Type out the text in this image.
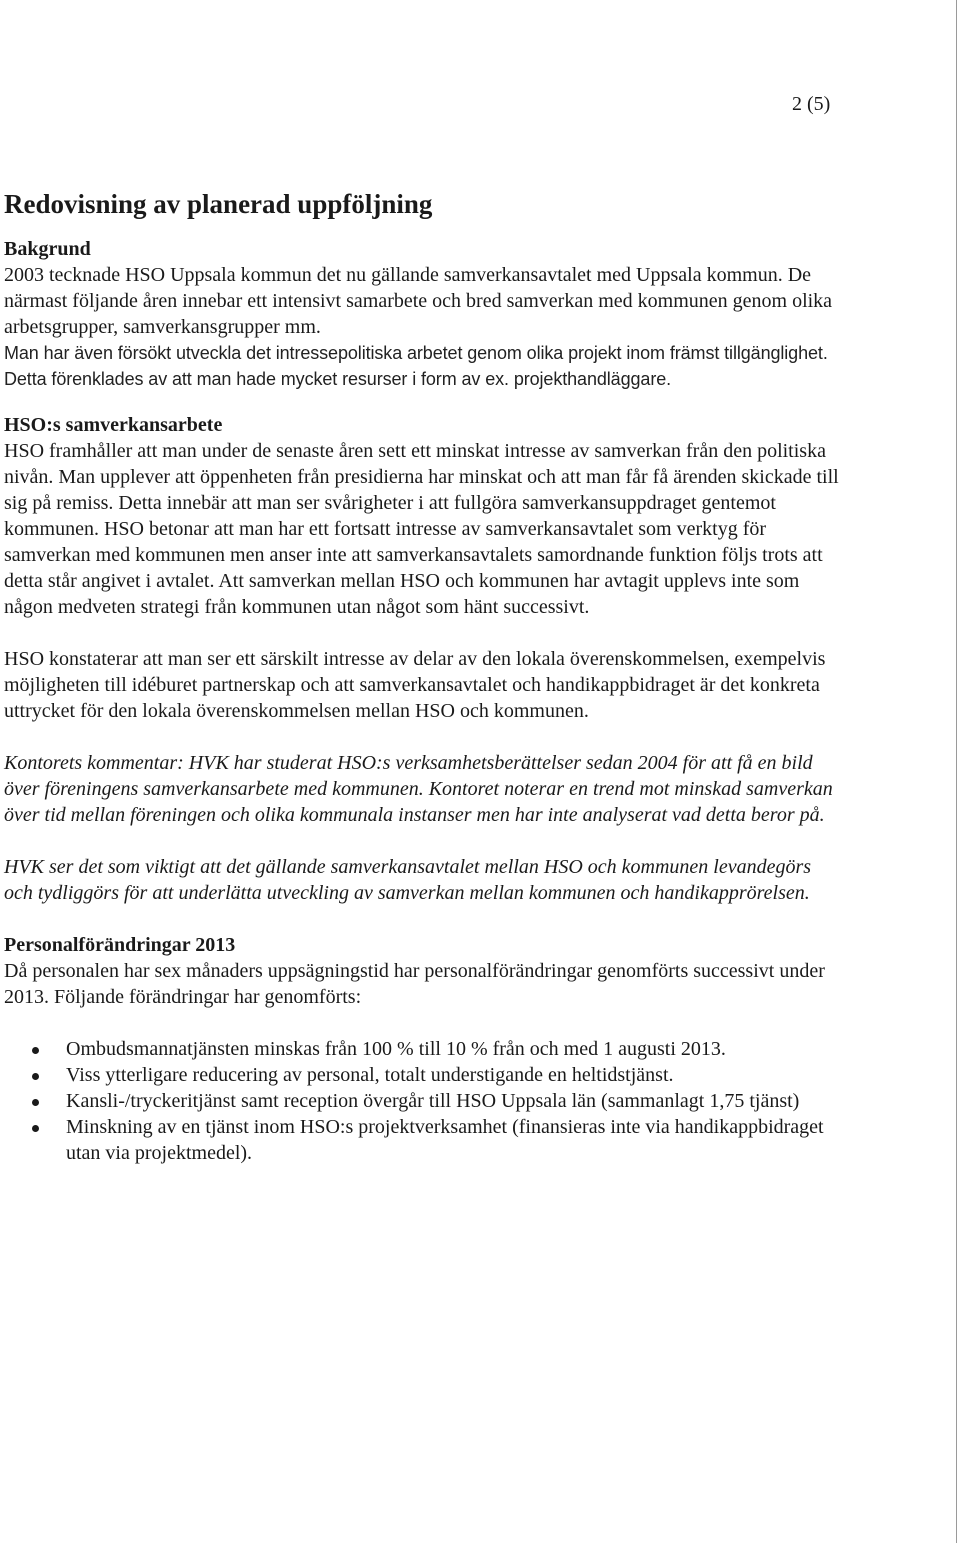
2 (5)
Redovisning av planerad uppföljning
Bakgrund

2003 tecknade HSO Uppsala kommun det nu gällande samverkansavtalet med Uppsala kommun. De närmast följande åren innebar ett intensivt samarbete och bred samverkan med kommunen genom olika arbetsgrupper, samverkansgrupper mm.

Man har även försökt utveckla det intressepolitiska arbetet genom olika projekt inom främst tillgänglighet. Detta förenklades av att man hade mycket resurser i form av ex. projekthandläggare.

HSO:s samverkansarbete

HSO framhåller att man under de senaste åren sett ett minskat intresse av samverkan från den politiska nivån. Man upplever att öppenheten från presidierna har minskat och att man får få ärenden skickade till sig på remiss. Detta innebär att man ser svårigheter i att fullgöra samverkansuppdraget gentemot kommunen. HSO betonar att man har ett fortsatt intresse av samverkansavtalet som verktyg för samverkan med kommunen men anser inte att samverkansavtalets samordnande funktion följs trots att detta står angivet i avtalet. Att samverkan mellan HSO och kommunen har avtagit upplevs inte som någon medveten strategi från kommunen utan något som hänt successivt.

HSO konstaterar att man ser ett särskilt intresse av delar av den lokala överenskommelsen, exempelvis möjligheten till idéburet partnerskap och att samverkansavtalet och handikappbidraget är det konkreta uttrycket för den lokala överenskommelsen mellan HSO och kommunen.

Kontorets kommentar: HVK har studerat HSO:s verksamhetsberättelser sedan 2004 för att få en bild över föreningens samverkansarbete med kommunen. Kontoret noterar en trend mot minskad samverkan över tid mellan föreningen och olika kommunala instanser men har inte analyserat vad detta beror på.

HVK ser det som viktigt att det gällande samverkansavtalet mellan HSO och kommunen levandegörs och tydliggörs för att underlätta utveckling av samverkan mellan kommunen och handikapprörelsen.

Personalförändringar 2013

Då personalen har sex månaders uppsägningstid har personalförändringar genomförts successivt under 2013. Följande förändringar har genomförts:

Ombudsmannatjänsten minskas från 100 % till 10 % från och med 1 augusti 2013.
Viss ytterligare reducering av personal, totalt understigande en heltidstjänst.
Kansli-/tryckeritjänst samt reception övergår till HSO Uppsala län (sammanlagt 1,75 tjänst)
Minskning av en tjänst inom HSO:s projektverksamhet (finansieras inte via handikappbidraget utan via projektmedel).
